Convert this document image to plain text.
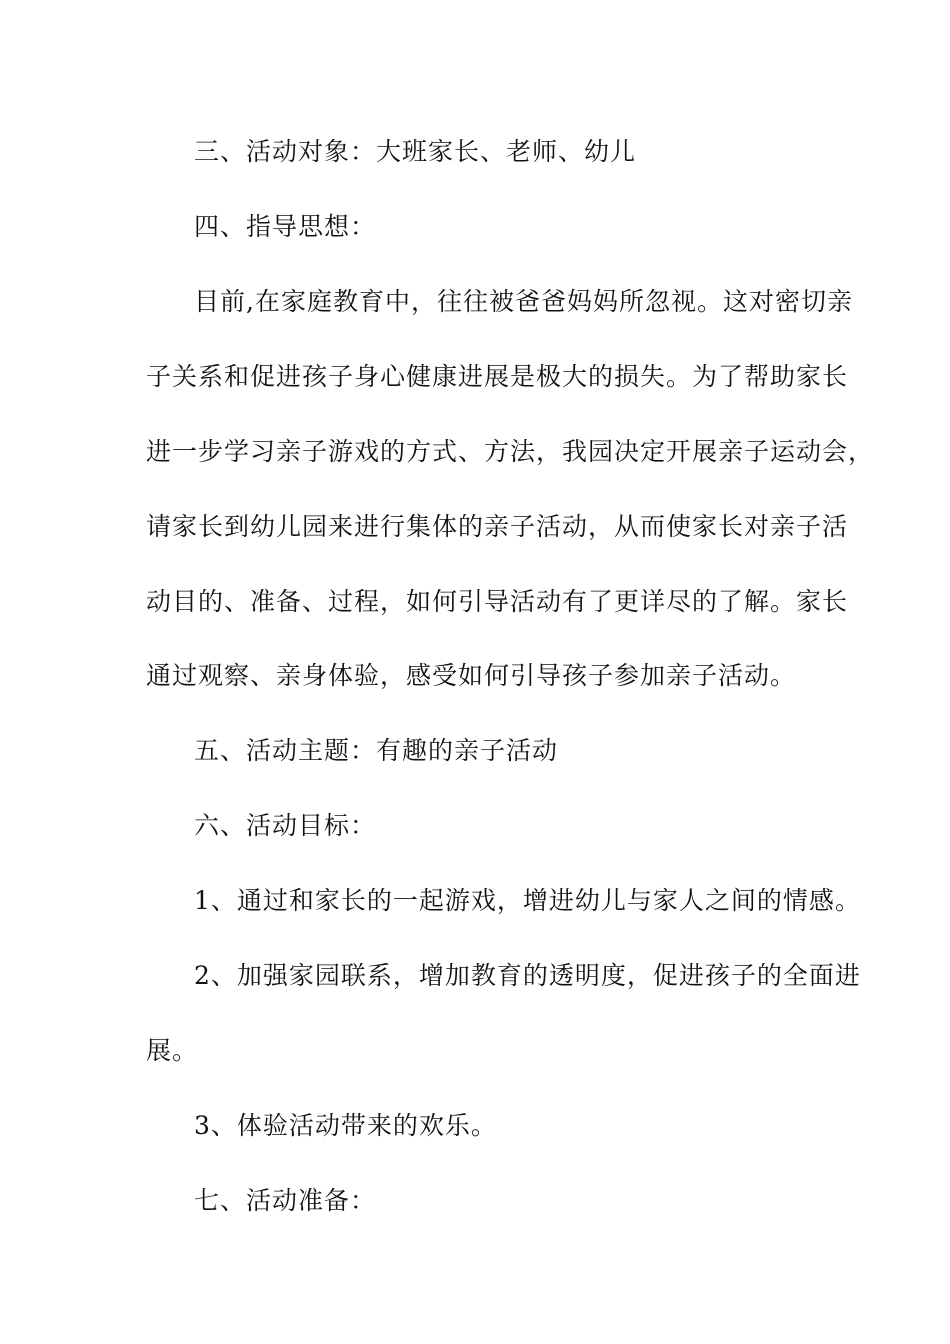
三、活动对象：大班家长、老师、幼儿
四、指导思想：
目前,在家庭教育中，往往被爸爸妈妈所忽视。这对密切亲
子关系和促进孩子身心健康进展是极大的损失。为了帮助家长
进一步学习亲子游戏的方式、方法，我园决定开展亲子运动会，
请家长到幼儿园来进行集体的亲子活动，从而使家长对亲子活
动目的、准备、过程，如何引导活动有了更详尽的了解。家长
通过观察、亲身体验，感受如何引导孩子参加亲子活动。
五、活动主题：有趣的亲子活动
六、活动目标：
1、通过和家长的一起游戏，增进幼儿与家人之间的情感。
2、加强家园联系，增加教育的透明度，促进孩子的全面进
展。
3、体验活动带来的欢乐。
七、活动准备：
